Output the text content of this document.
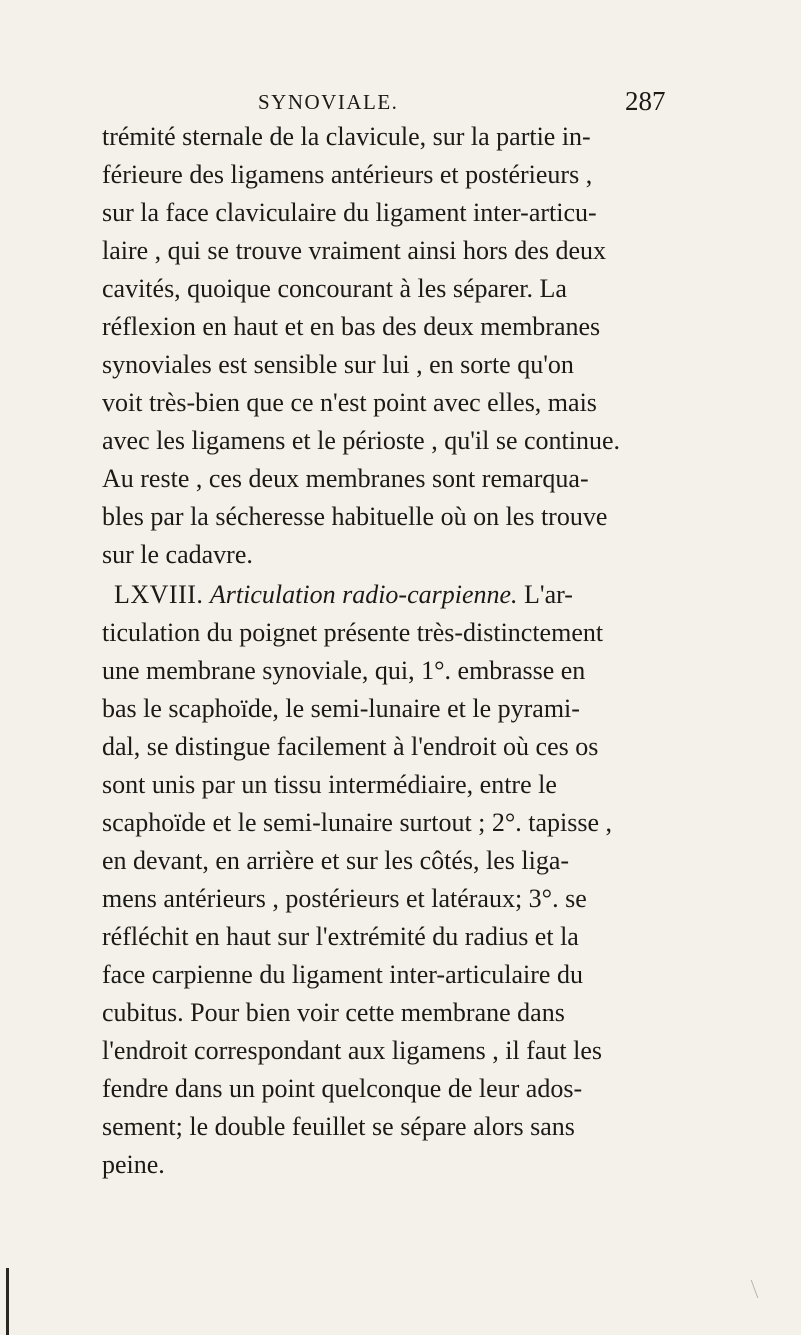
SYNOVIALE.	287
trémité sternale de la clavicule, sur la partie in-
férieure des ligamens antérieurs et postérieurs ,
sur la face claviculaire du ligament inter-articu-
laire , qui se trouve vraiment ainsi hors des deux
cavités, quoique concourant à les séparer. La
réflexion en haut et en bas des deux membranes
synoviales est sensible sur lui , en sorte qu'on
voit très-bien que ce n'est point avec elles, mais
avec les ligamens et le périoste , qu'il se continue.
Au reste , ces deux membranes sont remarqua-
bles par la sécheresse habituelle où on les trouve
sur le cadavre.
LXVIII. Articulation radio-carpienne. L'ar-
ticulation du poignet présente très-distinctement
une membrane synoviale, qui, 1°. embrasse en
bas le scaphoïde, le semi-lunaire et le pyrami-
dal, se distingue facilement à l'endroit où ces os
sont unis par un tissu intermédiaire, entre le
scaphoïde et le semi-lunaire surtout ; 2°. tapisse ,
en devant, en arrière et sur les côtés, les liga-
mens antérieurs , postérieurs et latéraux; 3°. se
réfléchit en haut sur l'extrémité du radius et la
face carpienne du ligament inter-articulaire du
cubitus. Pour bien voir cette membrane dans
l'endroit correspondant aux ligamens , il faut les
fendre dans un point quelconque de leur ados-
sement; le double feuillet se sépare alors sans
peine.
